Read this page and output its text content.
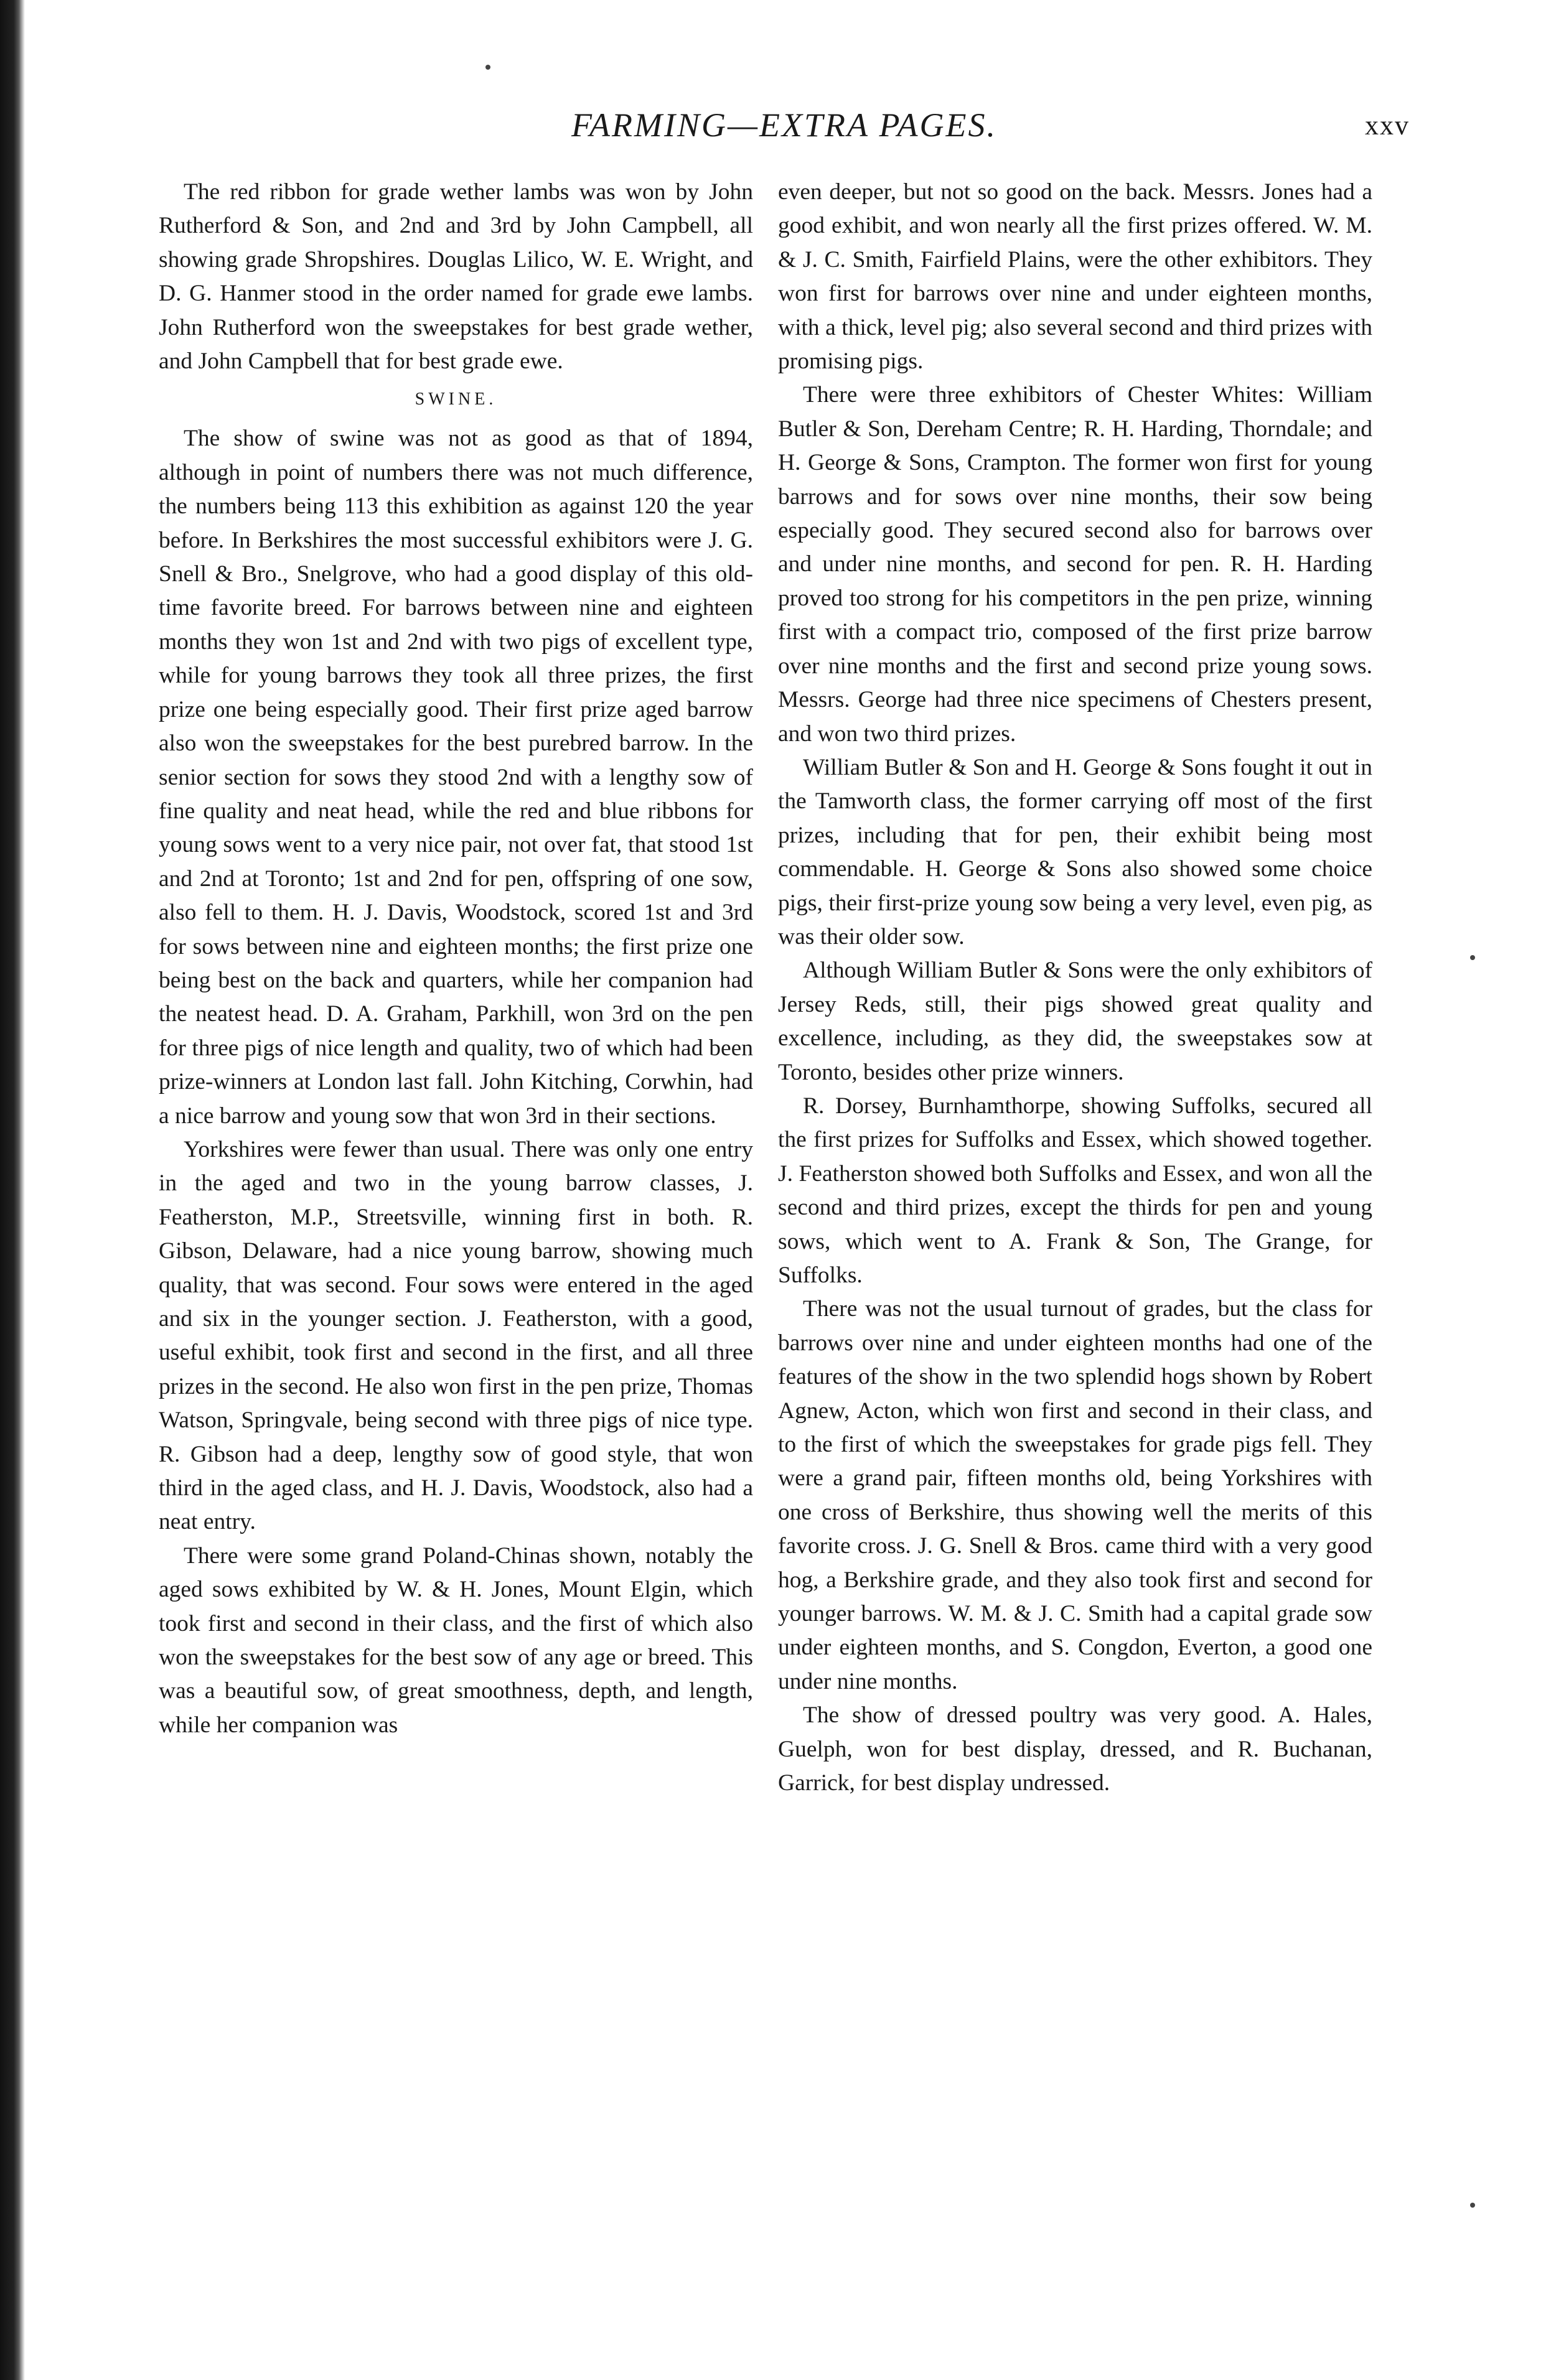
FARMING—EXTRA PAGES.	xxv

The red ribbon for grade wether lambs was won by John Rutherford & Son, and 2nd and 3rd by John Campbell, all showing grade Shropshires. Douglas Lilico, W. E. Wright, and D. G. Hanmer stood in the order named for grade ewe lambs. John Rutherford won the sweepstakes for best grade wether, and John Campbell that for best grade ewe.

SWINE.

The show of swine was not as good as that of 1894, although in point of numbers there was not much difference, the numbers being 113 this exhibition as against 120 the year before. In Berkshires the most successful exhibitors were J. G. Snell & Bro., Snelgrove, who had a good display of this old-time favorite breed. For barrows between nine and eighteen months they won 1st and 2nd with two pigs of excellent type, while for young barrows they took all three prizes, the first prize one being especially good. Their first prize aged barrow also won the sweepstakes for the best purebred barrow. In the senior section for sows they stood 2nd with a lengthy sow of fine quality and neat head, while the red and blue ribbons for young sows went to a very nice pair, not over fat, that stood 1st and 2nd at Toronto; 1st and 2nd for pen, offspring of one sow, also fell to them. H. J. Davis, Woodstock, scored 1st and 3rd for sows between nine and eighteen months; the first prize one being best on the back and quarters, while her companion had the neatest head. D. A. Graham, Parkhill, won 3rd on the pen for three pigs of nice length and quality, two of which had been prize-winners at London last fall. John Kitching, Corwhin, had a nice barrow and young sow that won 3rd in their sections.

Yorkshires were fewer than usual. There was only one entry in the aged and two in the young barrow classes, J. Featherston, M.P., Streetsville, winning first in both. R. Gibson, Delaware, had a nice young barrow, showing much quality, that was second. Four sows were entered in the aged and six in the younger section. J. Featherston, with a good, useful exhibit, took first and second in the first, and all three prizes in the second. He also won first in the pen prize, Thomas Watson, Springvale, being second with three pigs of nice type. R. Gibson had a deep, lengthy sow of good style, that won third in the aged class, and H. J. Davis, Woodstock, also had a neat entry.

There were some grand Poland-Chinas shown, notably the aged sows exhibited by W. & H. Jones, Mount Elgin, which took first and second in their class, and the first of which also won the sweepstakes for the best sow of any age or breed. This was a beautiful sow, of great smoothness, depth, and length, while her companion was

even deeper, but not so good on the back. Messrs. Jones had a good exhibit, and won nearly all the first prizes offered. W. M. & J. C. Smith, Fairfield Plains, were the other exhibitors. They won first for barrows over nine and under eighteen months, with a thick, level pig; also several second and third prizes with promising pigs.

There were three exhibitors of Chester Whites: William Butler & Son, Dereham Centre; R. H. Harding, Thorndale; and H. George & Sons, Crampton. The former won first for young barrows and for sows over nine months, their sow being especially good. They secured second also for barrows over and under nine months, and second for pen. R. H. Harding proved too strong for his competitors in the pen prize, winning first with a compact trio, composed of the first prize barrow over nine months and the first and second prize young sows. Messrs. George had three nice specimens of Chesters present, and won two third prizes.

William Butler & Son and H. George & Sons fought it out in the Tamworth class, the former carrying off most of the first prizes, including that for pen, their exhibit being most commendable. H. George & Sons also showed some choice pigs, their first-prize young sow being a very level, even pig, as was their older sow.

Although William Butler & Sons were the only exhibitors of Jersey Reds, still, their pigs showed great quality and excellence, including, as they did, the sweepstakes sow at Toronto, besides other prize winners.

R. Dorsey, Burnhamthorpe, showing Suffolks, secured all the first prizes for Suffolks and Essex, which showed together. J. Featherston showed both Suffolks and Essex, and won all the second and third prizes, except the thirds for pen and young sows, which went to A. Frank & Son, The Grange, for Suffolks.

There was not the usual turnout of grades, but the class for barrows over nine and under eighteen months had one of the features of the show in the two splendid hogs shown by Robert Agnew, Acton, which won first and second in their class, and to the first of which the sweepstakes for grade pigs fell. They were a grand pair, fifteen months old, being Yorkshires with one cross of Berkshire, thus showing well the merits of this favorite cross. J. G. Snell & Bros. came third with a very good hog, a Berkshire grade, and they also took first and second for younger barrows. W. M. & J. C. Smith had a capital grade sow under eighteen months, and S. Congdon, Everton, a good one under nine months.

The show of dressed poultry was very good. A. Hales, Guelph, won for best display, dressed, and R. Buchanan, Garrick, for best display undressed.
